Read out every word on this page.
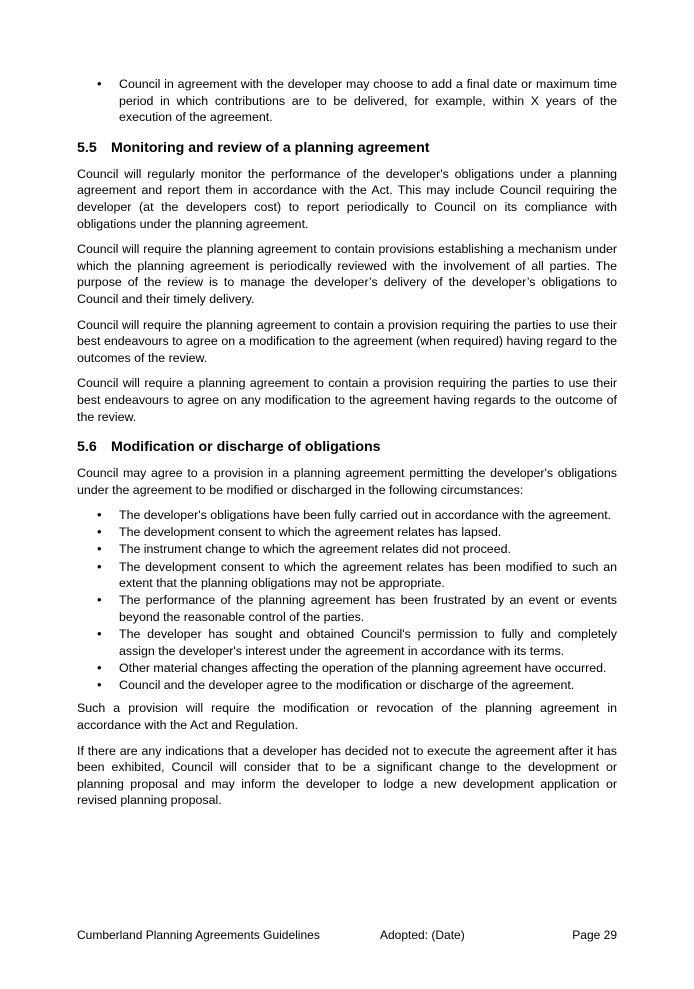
• Council in agreement with the developer may choose to add a final date or maximum time period in which contributions are to be delivered, for example, within X years of the execution of the agreement.
5.5 Monitoring and review of a planning agreement

Council will regularly monitor the performance of the developer's obligations under a planning agreement and report them in accordance with the Act. This may include Council requiring the developer (at the developers cost) to report periodically to Council on its compliance with obligations under the planning agreement.

Council will require the planning agreement to contain provisions establishing a mechanism under which the planning agreement is periodically reviewed with the involvement of all parties. The purpose of the review is to manage the developer’s delivery of the developer’s obligations to Council and their timely delivery.

Council will require the planning agreement to contain a provision requiring the parties to use their best endeavours to agree on a modification to the agreement (when required) having regard to the outcomes of the review.

Council will require a planning agreement to contain a provision requiring the parties to use their best endeavours to agree on any modification to the agreement having regards to the outcome of the review.

5.6 Modification or discharge of obligations

Council may agree to a provision in a planning agreement permitting the developer's obligations under the agreement to be modified or discharged in the following circumstances:

• The developer's obligations have been fully carried out in accordance with the agreement.
• The development consent to which the agreement relates has lapsed.
• The instrument change to which the agreement relates did not proceed.
• The development consent to which the agreement relates has been modified to such an extent that the planning obligations may not be appropriate.
• The performance of the planning agreement has been frustrated by an event or events beyond the reasonable control of the parties.
• The developer has sought and obtained Council's permission to fully and completely assign the developer's interest under the agreement in accordance with its terms.
• Other material changes affecting the operation of the planning agreement have occurred.
• Council and the developer agree to the modification or discharge of the agreement.

Such a provision will require the modification or revocation of the planning agreement in accordance with the Act and Regulation.

If there are any indications that a developer has decided not to execute the agreement after it has been exhibited, Council will consider that to be a significant change to the development or planning proposal and may inform the developer to lodge a new development application or revised planning proposal.

Cumberland Planning Agreements Guidelines	Adopted: (Date)	Page 29
